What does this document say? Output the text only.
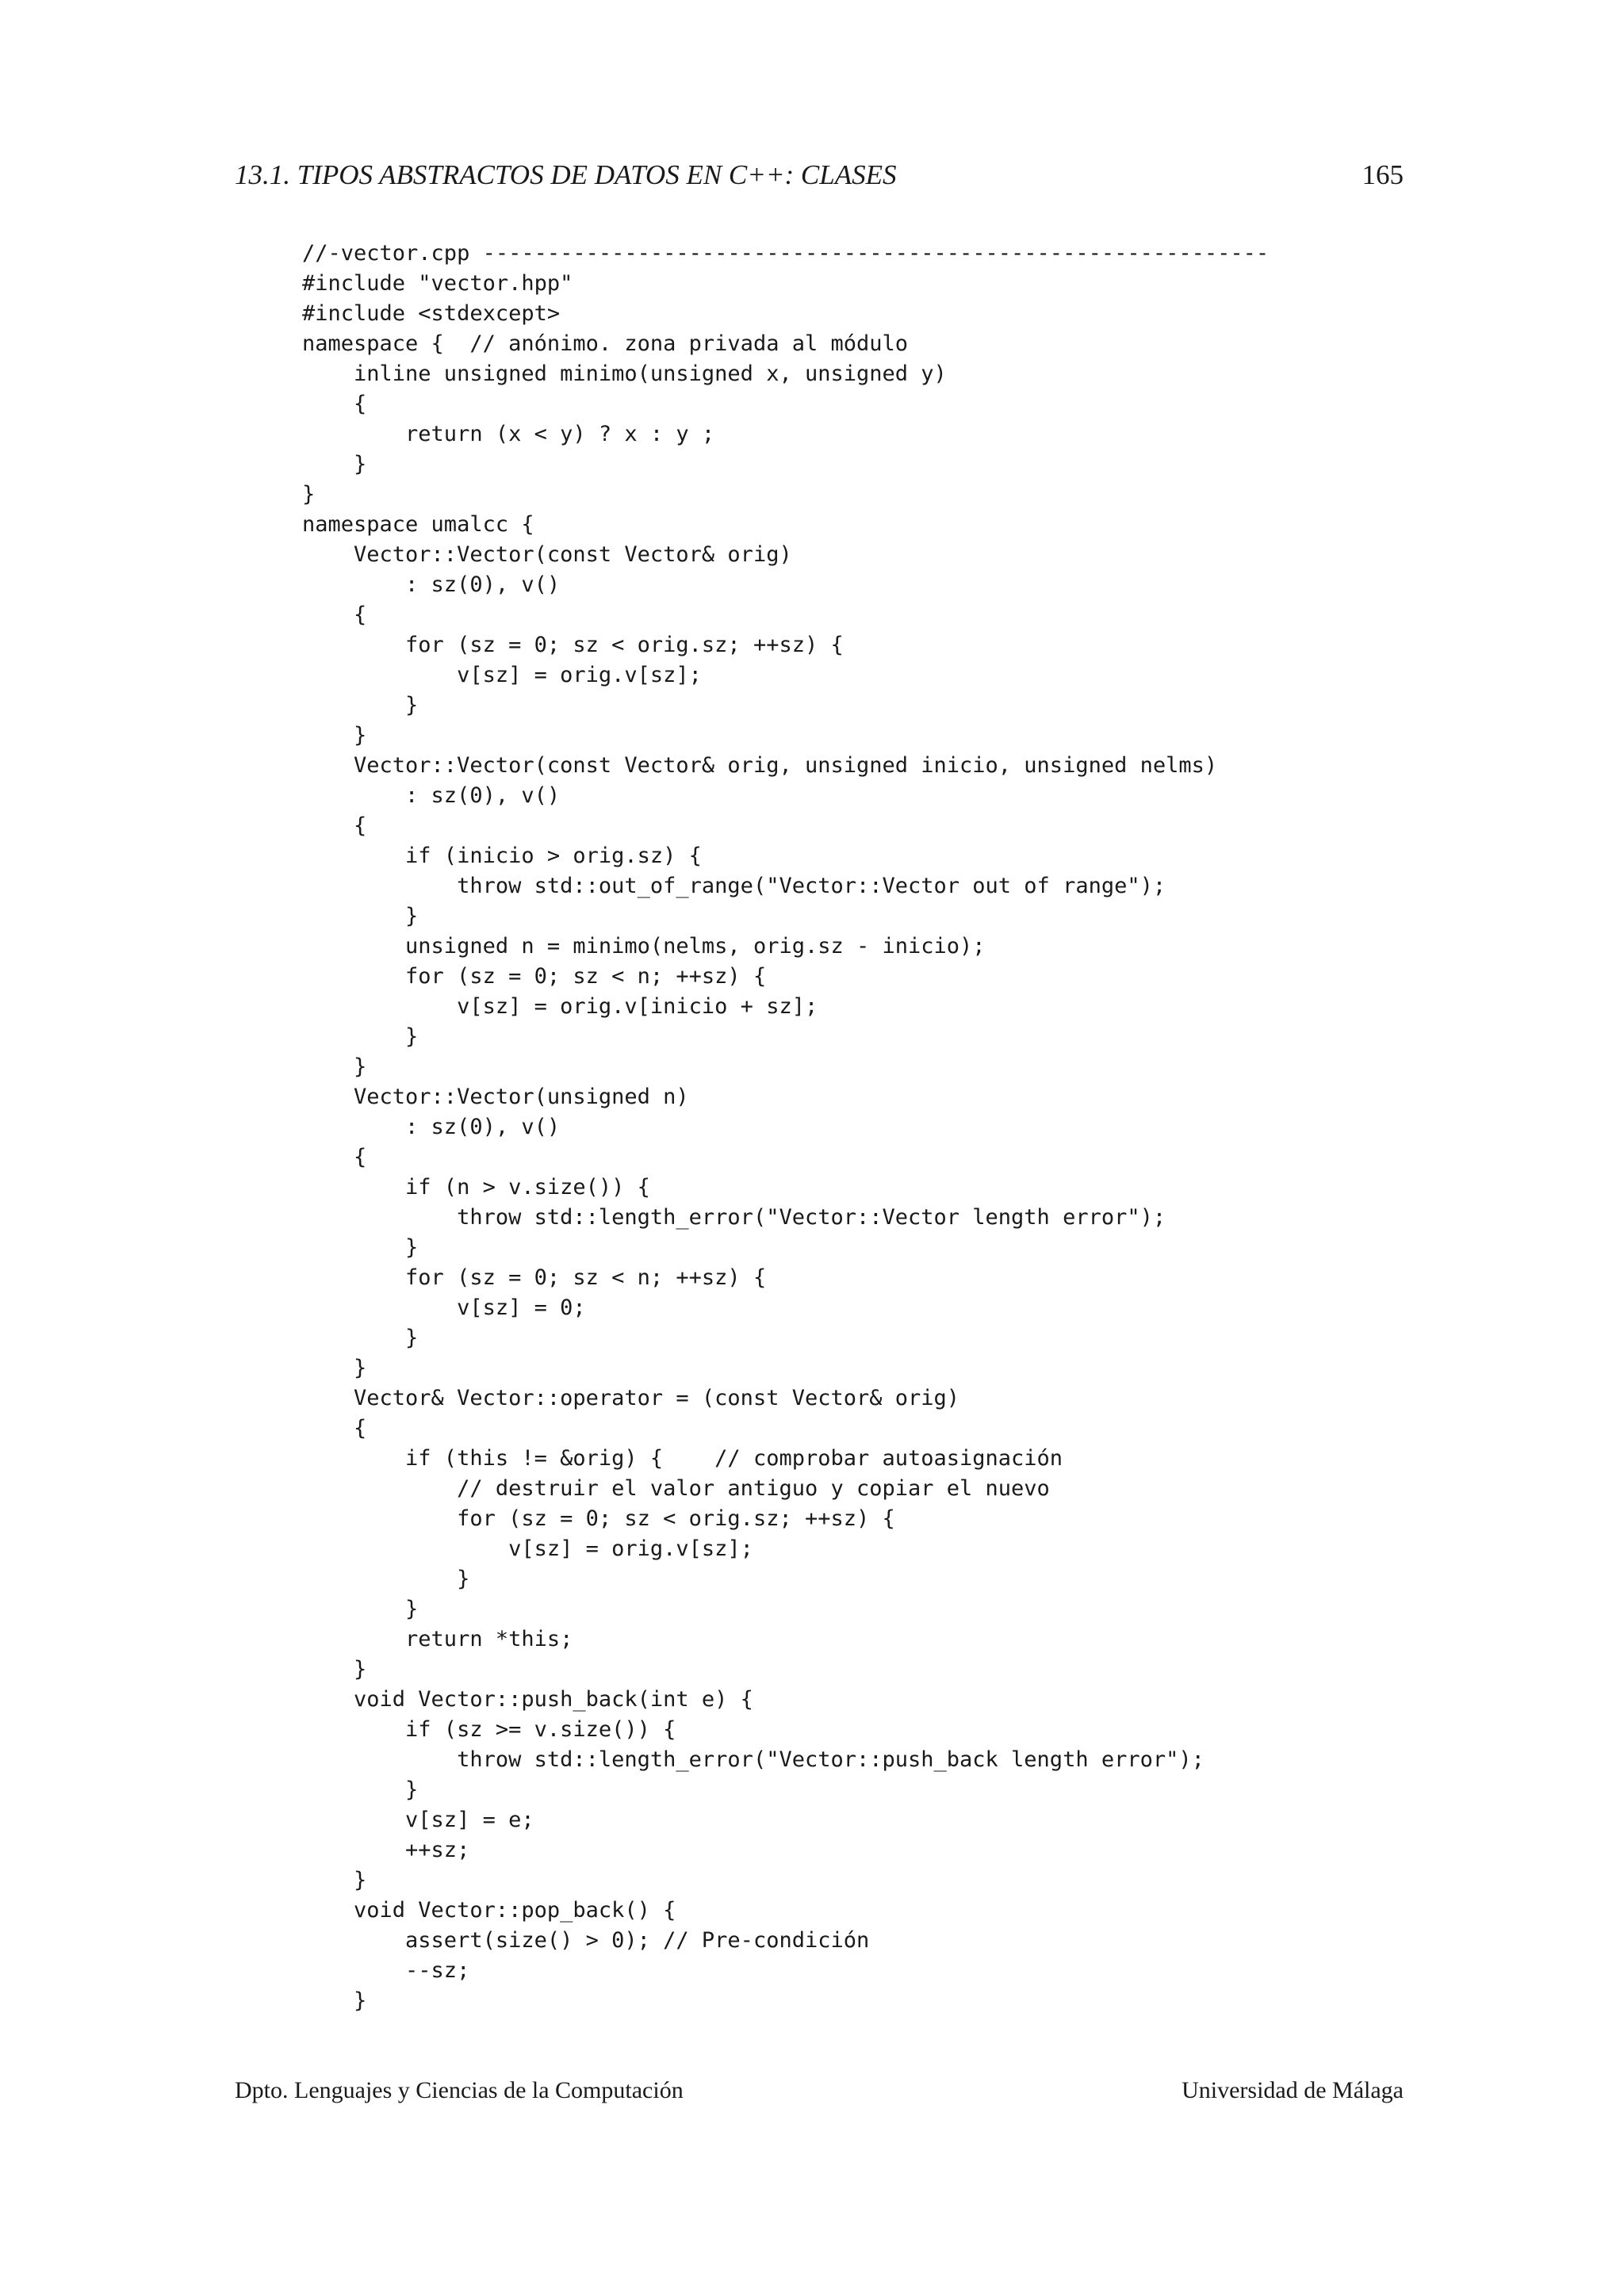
13.1. TIPOS ABSTRACTOS DE DATOS EN C++: CLASES	165
//-vector.cpp -------------------------------------------------------------
#include "vector.hpp"
#include <stdexcept>
namespace {  // anónimo. zona privada al módulo
inline unsigned minimo(unsigned x, unsigned y)
{
return (x < y) ? x : y ;
}
}
namespace umalcc {
Vector::Vector(const Vector& orig)
: sz(0), v()
{
for (sz = 0; sz < orig.sz; ++sz) {
v[sz] = orig.v[sz];
}
}
Vector::Vector(const Vector& orig, unsigned inicio, unsigned nelms)
: sz(0), v()
{
if (inicio > orig.sz) {
throw std::out_of_range("Vector::Vector out of range");
}
unsigned n = minimo(nelms, orig.sz - inicio);
for (sz = 0; sz < n; ++sz) {
v[sz] = orig.v[inicio + sz];
}
}
Vector::Vector(unsigned n)
: sz(0), v()
{
if (n > v.size()) {
throw std::length_error("Vector::Vector length error");
}
for (sz = 0; sz < n; ++sz) {
v[sz] = 0;
}
}
Vector& Vector::operator = (const Vector& orig)
{
if (this != &orig) {    // comprobar autoasignación
// destruir el valor antiguo y copiar el nuevo
for (sz = 0; sz < orig.sz; ++sz) {
v[sz] = orig.v[sz];
}
}
return *this;
}
void Vector::push_back(int e) {
if (sz >= v.size()) {
throw std::length_error("Vector::push_back length error");
}
v[sz] = e;
++sz;
}
void Vector::pop_back() {
assert(size() > 0); // Pre-condición
--sz;
}
Dpto. Lenguajes y Ciencias de la Computación	Universidad de Málaga
